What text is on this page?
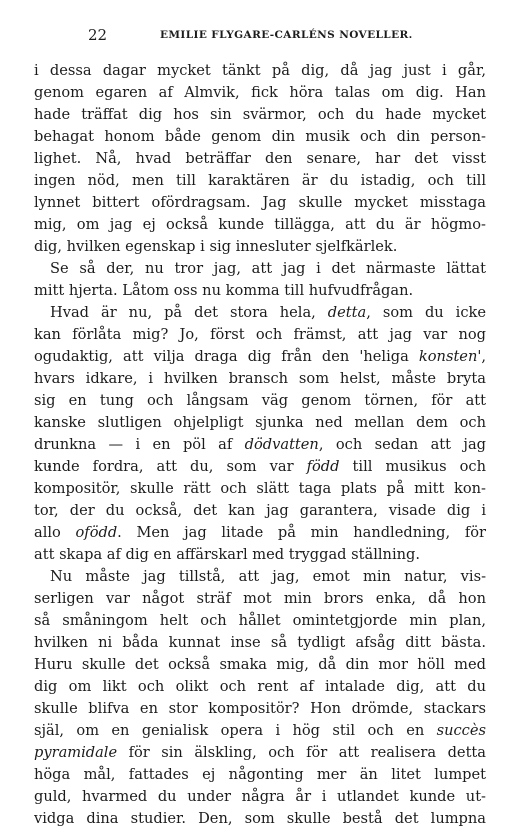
22	EMILIE FLYGARE-CARLÉNS NOVELLER.
i dessa dagar mycket tänkt på dig, då jag just i går,
genom egaren af Almvik, fick höra talas om dig. Han
hade träffat dig hos sin svärmor, och du hade mycket
behagat honom både genom din musik och din person-
lighet. Nå, hvad beträffar den senare, har det visst
ingen nöd, men till karaktären är du istadig, och till
lynnet bittert ofördragsam. Jag skulle mycket misstaga
mig, om jag ej också kunde tillägga, att du är högmo-
dig, hvilken egenskap i sig innesluter sjelfkärlek.
Se så der, nu tror jag, att jag i det närmaste lättat
mitt hjerta. Låtom oss nu komma till hufvudfrågan.
Hvad är nu, på det stora hela, detta, som du icke
kan förlåta mig? Jo, först och främst, att jag var nog
ogudaktig, att vilja draga dig från den 'heliga konsten',
hvars idkare, i hvilken bransch som helst, måste bryta
sig en tung och långsam väg genom törnen, för att
kanske slutligen ohjelpligt sjunka ned mellan dem och
drunkna — i en pöl af dödvatten, och sedan att jag
kunde fordra, att du, som var född till musikus och
kompositör, skulle rätt och slätt taga plats på mitt kon-
tor, der du också, det kan jag garantera, visade dig i
allo ofödd. Men jag litade på min handledning, för
att skapa af dig en affärskarl med tryggad ställning.
Nu måste jag tillstå, att jag, emot min natur, vis-
serligen var något sträf mot min brors enka, då hon
så småningom helt och hållet omintetgjorde min plan,
hvilken ni båda kunnat inse så tydligt afsåg ditt bästa.
Huru skulle det också smaka mig, då din mor höll med
dig om likt och olikt och rent af intalade dig, att du
skulle blifva en stor kompositör? Hon drömde, stackars
själ, om en genialisk opera i hög stil och en succès
pyramidale för sin älskling, och för att realisera detta
höga mål, fattades ej någonting mer än litet lumpet
guld, hvarmed du under några år i utlandet kunde ut-
vidga dina studier. Den, som skulle bestå det lumpna
